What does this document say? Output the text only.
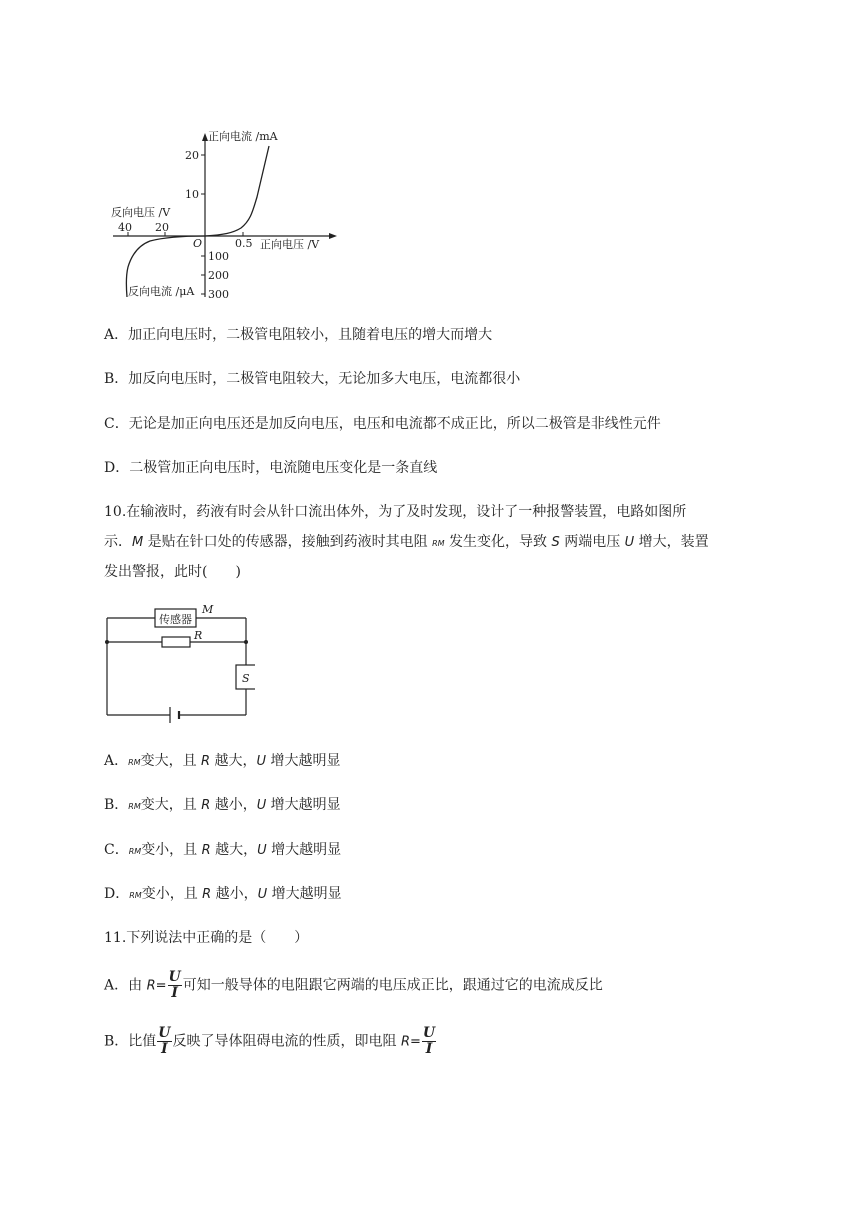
正向电流 /mA
20
10
反向电压 /V
40 20
O	0.5 正向电压 /V
100
200
300
反向电流 /μA
A．加正向电压时，二极管电阻较小，且随着电压的增大而增大
B．加反向电压时，二极管电阻较大，无论加多大电压，电流都很小
C．无论是加正向电压还是加反向电压，电压和电流都不成正比，所以二极管是非线性元件
D．二极管加正向电压时，电流随电压变化是一条直线
10.在输液时，药液有时会从针口流出体外，为了及时发现，设计了一种报警装置，电路如图所
示．M 是贴在针口处的传感器，接触到药液时其电阻 RM 发生变化，导致 S 两端电压 U 增大，装置
发出警报，此时(　　)
传感器
M
R
S
A．RM变大，且 R 越大，U 增大越明显
B．RM变大，且 R 越小，U 增大越明显
C．RM变小，且 R 越大，U 增大越明显
D．RM变小，且 R 越小，U 增大越明显
11.下列说法中正确的是（　　）
A．由 $R= \frac{U}{I}$ 可知一般导体的电阻跟它两端的电压成正比，跟通过它的电流成反比
B．比值 $\frac{U}{I}$ 反映了导体阻碍电流的性质，即电阻 $R= \frac{U}{I}$
